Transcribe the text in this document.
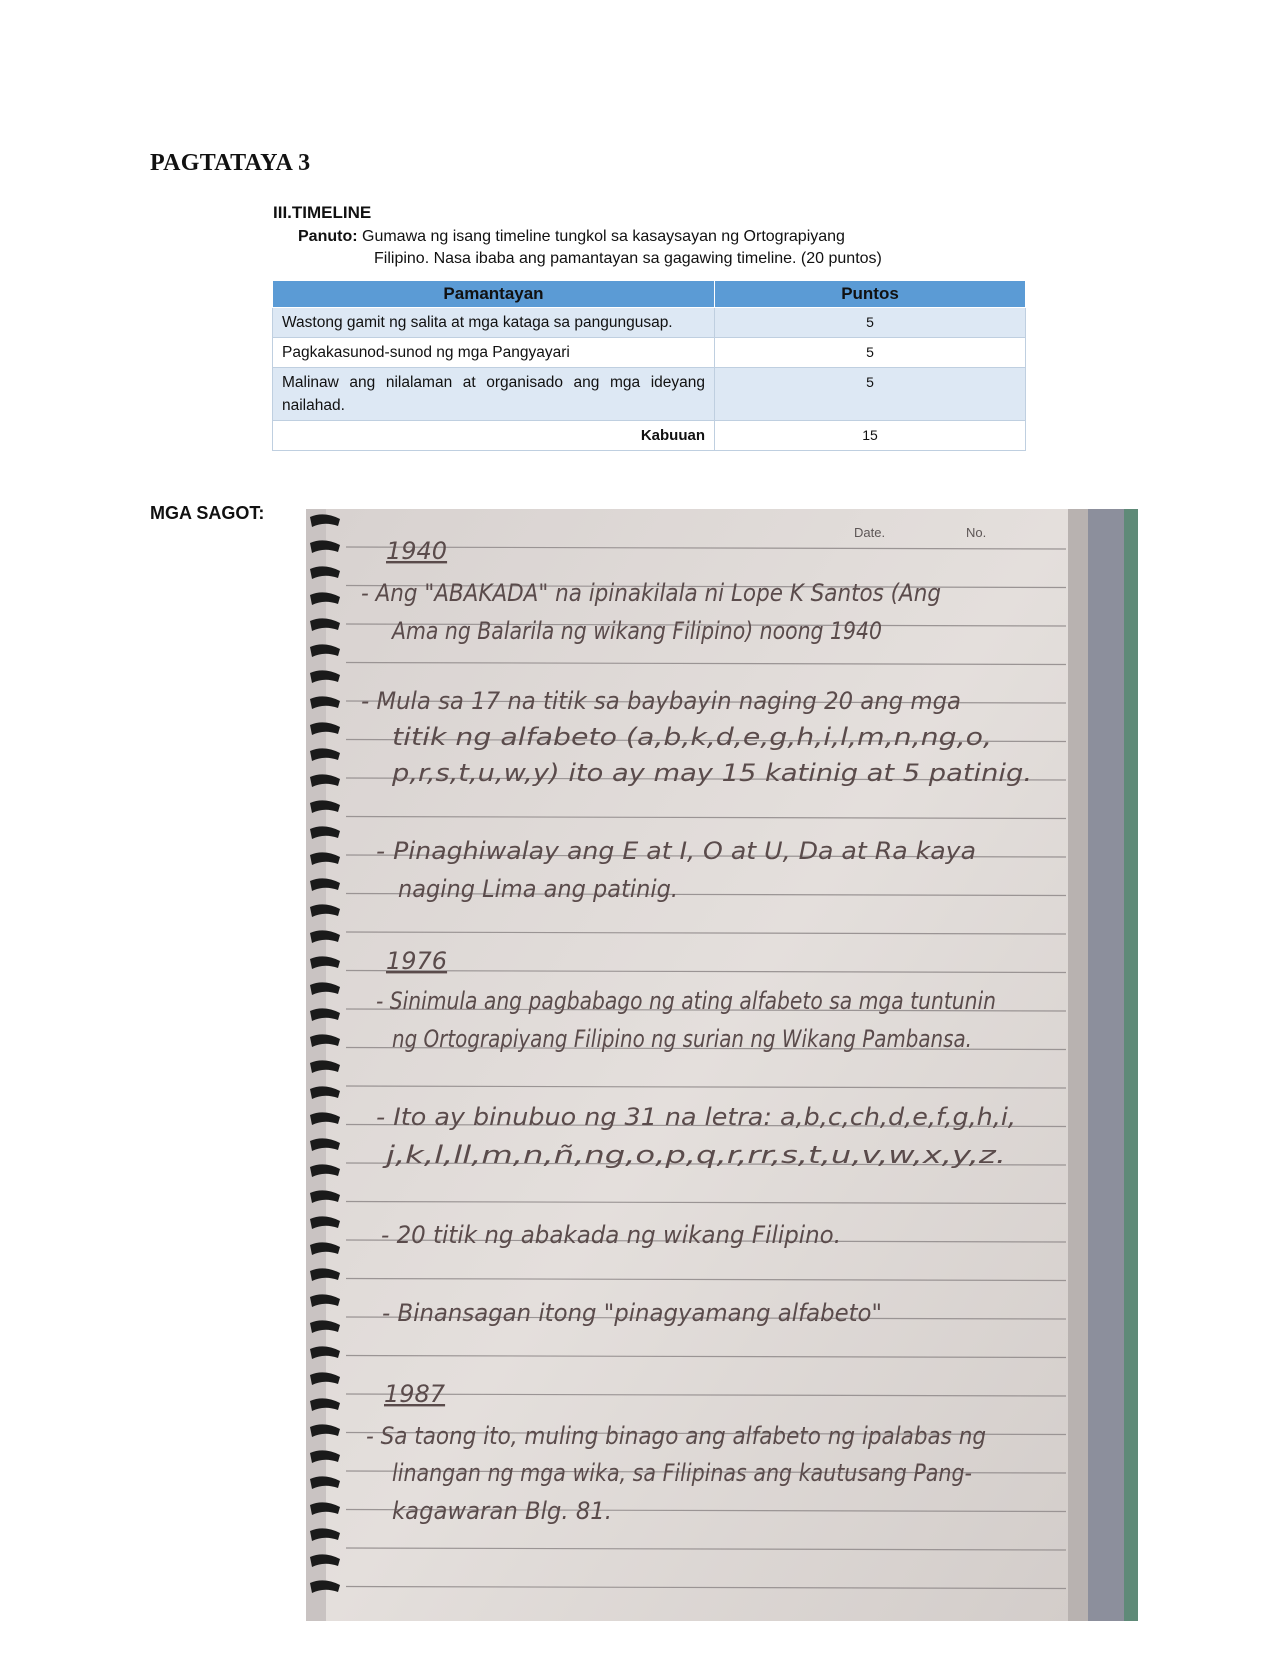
PAGTATAYA 3
III.TIMELINE
Panuto: Gumawa ng isang timeline tungkol sa kasaysayan ng Ortograpiyang
Filipino. Nasa ibaba ang pamantayan sa gagawing timeline. (20 puntos)
Pamantayan	Puntos
Wastong gamit ng salita at mga kataga sa pangungusap.	5
Pagkakasunod-sunod ng mga Pangyayari	5
Malinaw ang nilalaman at organisado ang mga ideyang nailahad.	5
Kabuuan	15
MGA SAGOT:
Date.	No.
1940
- Ang "ABAKADA" na ipinakilala ni Lope K Santos (Ang
Ama ng Balarila ng wikang Filipino) noong 1940
- Mula sa 17 na titik sa baybayin naging 20 ang mga
titik ng alfabeto (a,b,k,d,e,g,h,i,l,m,n,ng,o,
p,r,s,t,u,w,y) ito ay may 15 katinig at 5 patinig.
- Pinaghiwalay ang E at I, O at U, Da at Ra kaya
naging Lima ang patinig.
1976
- Sinimula ang pagbabago ng ating alfabeto sa mga tuntunin
ng Ortograpiyang Filipino ng surian ng Wikang Pambansa.
- Ito ay binubuo ng 31 na letra: a,b,c,ch,d,e,f,g,h,i,
j,k,l,ll,m,n,ñ,ng,o,p,q,r,rr,s,t,u,v,w,x,y,z.
- 20 titik ng abakada ng wikang Filipino.
- Binansagan itong "pinagyamang alfabeto"
1987
- Sa taong ito, muling binago ang alfabeto ng ipalabas ng
linangan ng mga wika, sa Filipinas ang kautusang Pang-
kagawaran Blg. 81.
